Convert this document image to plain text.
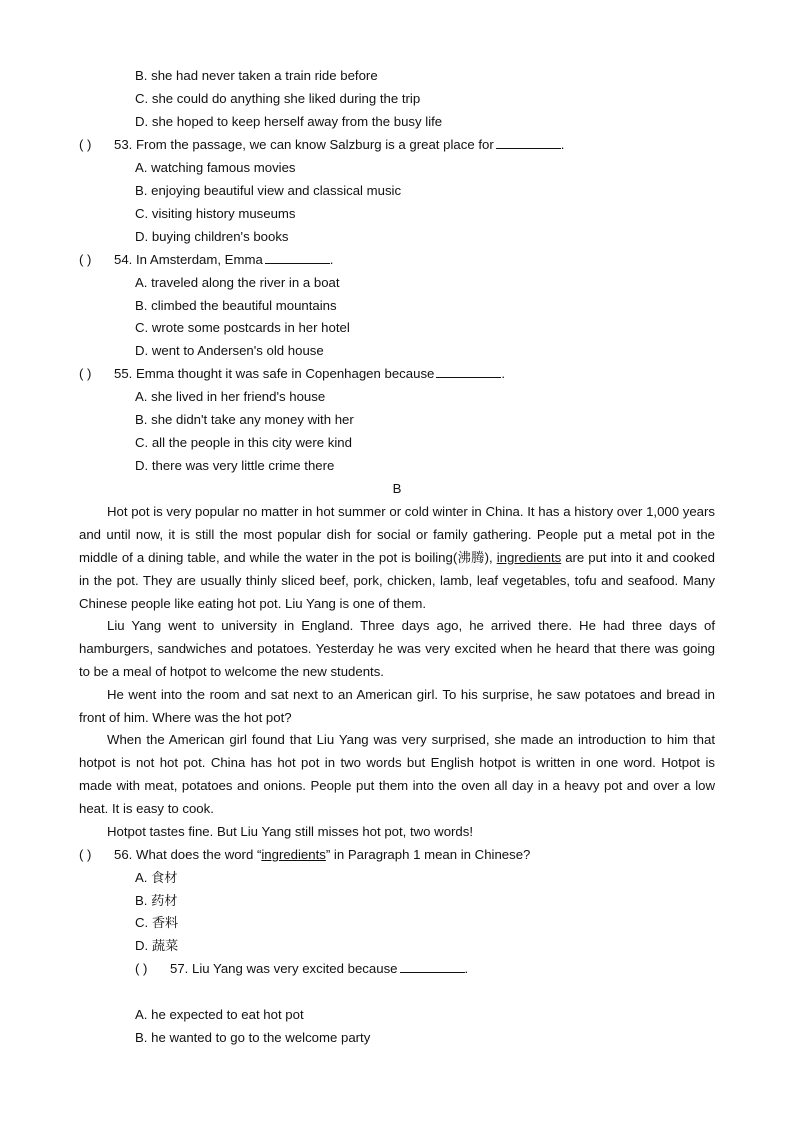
B. she had never taken a train ride before
C. she could do anything she liked during the trip
D. she hoped to keep herself away from the busy life
( ) 53. From the passage, we can know Salzburg is a great place for	.
A. watching famous movies
B. enjoying beautiful view and classical music
C. visiting history museums
D. buying children's books
( ) 54. In Amsterdam, Emma	.
A. traveled along the river in a boat
B. climbed the beautiful mountains
C. wrote some postcards in her hotel
D. went to Andersen's old house
( ) 55. Emma thought it was safe in Copenhagen because	.
A. she lived in her friend's house
B. she didn't take any money with her
C. all the people in this city were kind
D. there was very little crime there
B

Hot pot is very popular no matter in hot summer or cold winter in China. It has a history over 1,000 years and until now, it is still the most popular dish for social or family gathering. People put a metal pot in the middle of a dining table, and while the water in the pot is boiling(沸腾), ingredients are put into it and cooked in the pot. They are usually thinly sliced beef, pork, chicken, lamb, leaf vegetables, tofu and seafood. Many Chinese people like eating hot pot. Liu Yang is one of them.

Liu Yang went to university in England. Three days ago, he arrived there. He had three days of hamburgers, sandwiches and potatoes. Yesterday he was very excited when he heard that there was going to be a meal of hotpot to welcome the new students.

He went into the room and sat next to an American girl. To his surprise, he saw potatoes and bread in front of him. Where was the hot pot?

When the American girl found that Liu Yang was very surprised, she made an introduction to him that hotpot is not hot pot. China has hot pot in two words but English hotpot is written in one word. Hotpot is made with meat, potatoes and onions. People put them into the oven all day in a heavy pot and over a low heat. It is easy to cook.

Hotpot tastes fine. But Liu Yang still misses hot pot, two words!

( ) 56. What does the word “ingredients” in Paragraph 1 mean in Chinese?
A. 食材
B. 药材
C. 香料
D. 蔬菜
( ) 57. Liu Yang was very excited because	.
A. he expected to eat hot pot
B. he wanted to go to the welcome party
